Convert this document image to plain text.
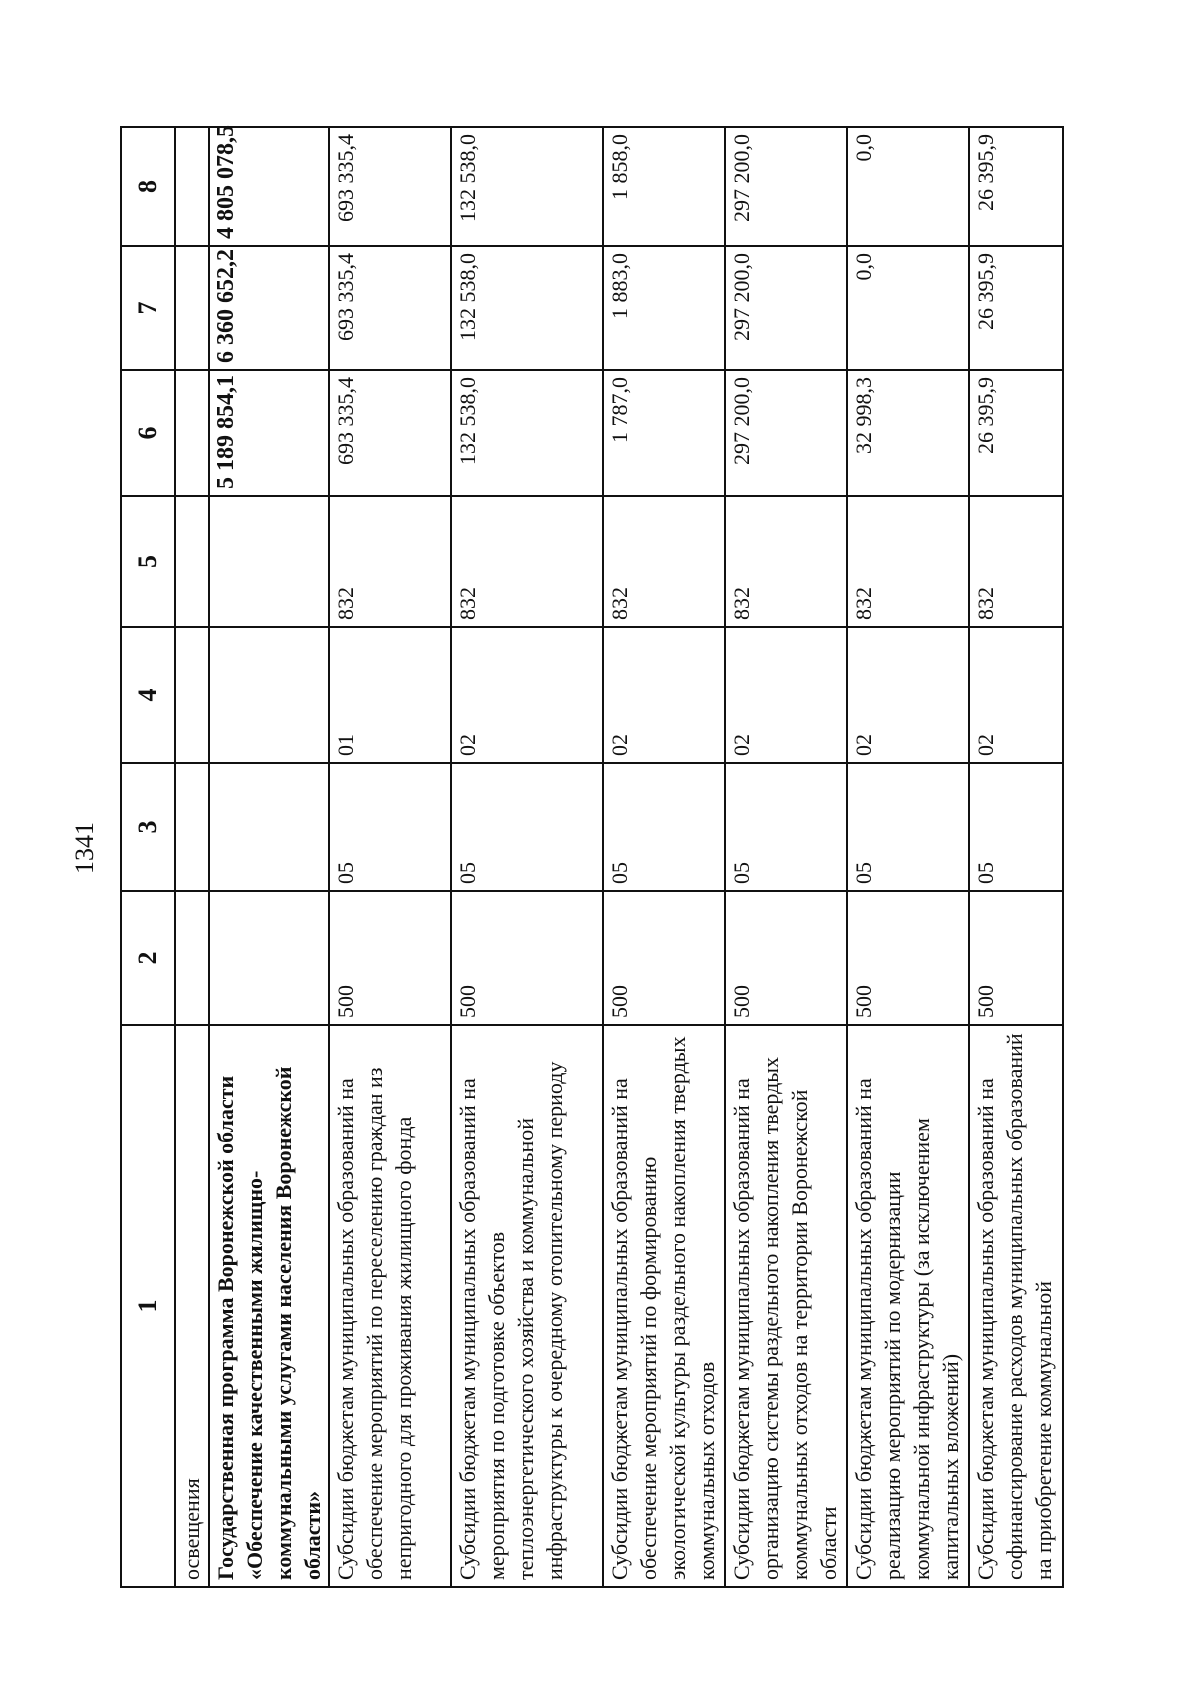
1341
1	2	3	4	5	6	7	8
освещения							
Государственная программа Воронежской области «Обеспечение качественными жилищно-коммунальными услугами населения Воронежской области»					5 189 854,1	6 360 652,2	4 805 078,5
Субсидии бюджетам муниципальных образований на обеспечение мероприятий по переселению граждан из непригодного для проживания жилищного фонда	500	05	01	832	693 335,4	693 335,4	693 335,4
Субсидии бюджетам муниципальных образований на мероприятия по подготовке объектов теплоэнергетического хозяйства и коммунальной инфраструктуры к очередному отопительному периоду	500	05	02	832	132 538,0	132 538,0	132 538,0
Субсидии бюджетам муниципальных образований на обеспечение мероприятий по формированию экологической культуры раздельного накопления твердых коммунальных отходов	500	05	02	832	1 787,0	1 883,0	1 858,0
Субсидии бюджетам муниципальных образований на организацию системы раздельного накопления твердых коммунальных отходов на территории Воронежской области	500	05	02	832	297 200,0	297 200,0	297 200,0
Субсидии бюджетам муниципальных образований на реализацию мероприятий по модернизации коммунальной инфраструктуры (за исключением капитальных вложений)	500	05	02	832	32 998,3	0,0	0,0
Субсидии бюджетам муниципальных образований на софинансирование расходов муниципальных образований на приобретение коммунальной	500	05	02	832	26 395,9	26 395,9	26 395,9
